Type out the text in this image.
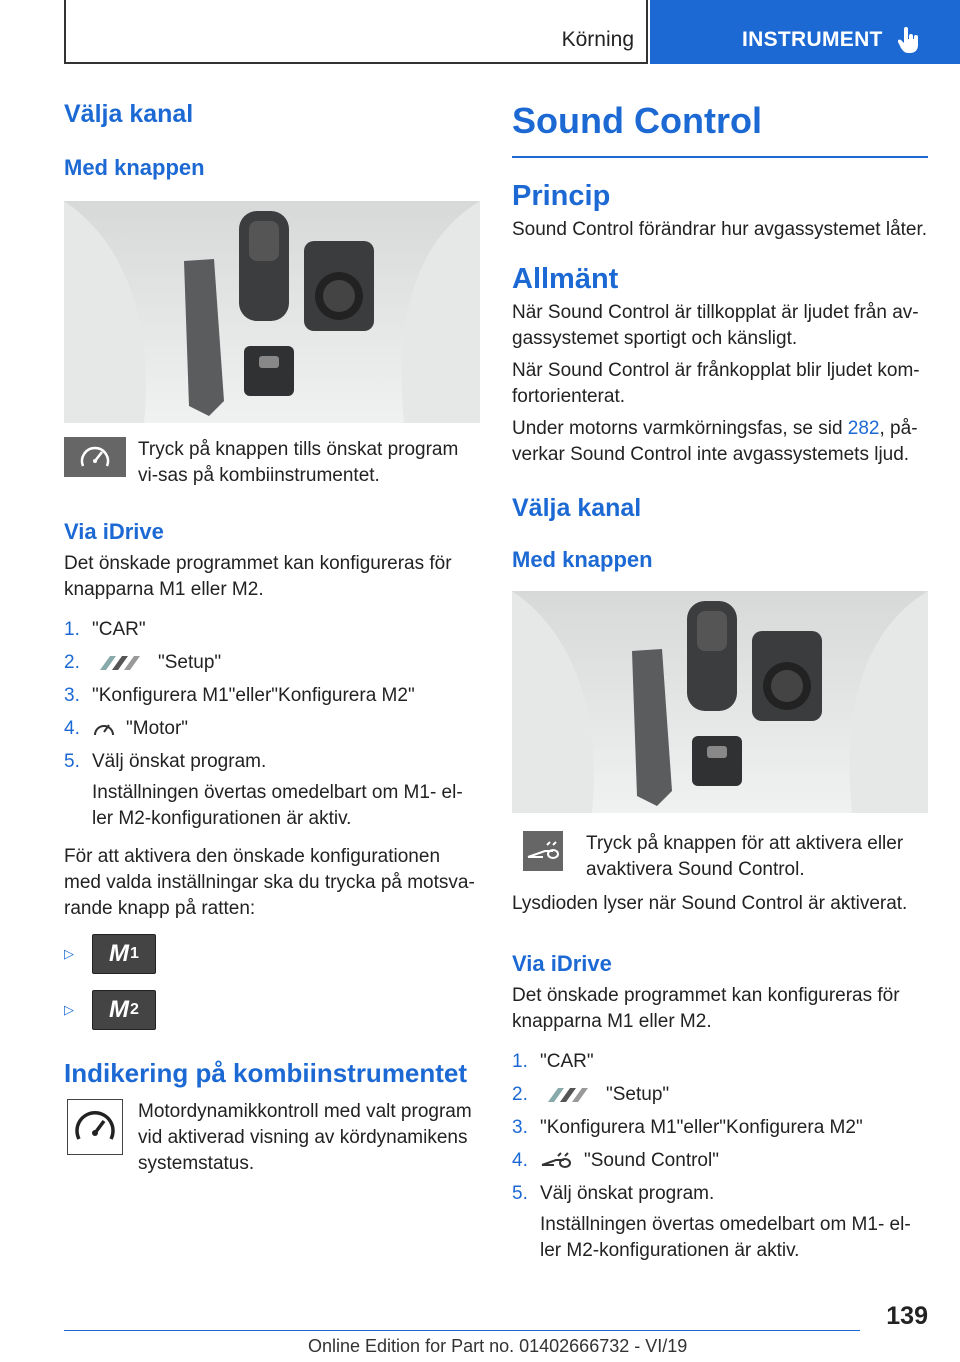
Körning	INSTRUMENT
Välja kanal
Med knappen

Tryck på knappen tills önskat program vi-sas på kombiinstrumentet.

Via iDrive

Det önskade programmet kan konfigureras för knapparna M1 eller M2.

1. "CAR"
2.	"Setup"
3. "Konfigurera M1"eller"Konfigurera M2"
4.	"Motor"
5. Välj önskat program.

Inställningen övertas omedelbart om M1- el-ler M2-konfigurationen är aktiv.

För att aktivera den önskade konfigurationen med valda inställningar ska du trycka på motsva-rande knapp på ratten:

▷	M 1
▷	M 2
Indikering på kombiinstrumentet

Motordynamikkontroll med valt program vid aktiverad visning av kördynamikens systemstatus.

Sound Control
Princip

Sound Control förändrar hur avgassystemet låter.

Allmänt

När Sound Control är tillkopplat är ljudet från av-gassystemet sportigt och känsligt.

När Sound Control är frånkopplat blir ljudet kom-fortorienterat.

Under motorns varmkörningsfas, se sid 282, på-verkar Sound Control inte avgassystemets ljud.

Välja kanal
Med knappen

Tryck på knappen för att aktivera eller avaktivera Sound Control.

Lysdioden lyser när Sound Control är aktiverat.

Via iDrive

Det önskade programmet kan konfigureras för knapparna M1 eller M2.

1. "CAR"
2.	"Setup"
3. "Konfigurera M1"eller"Konfigurera M2"
4.	"Sound Control"
5. Välj önskat program.

Inställningen övertas omedelbart om M1- el-ler M2-konfigurationen är aktiv.

139
Online Edition for Part no. 01402666732 - VI/19
